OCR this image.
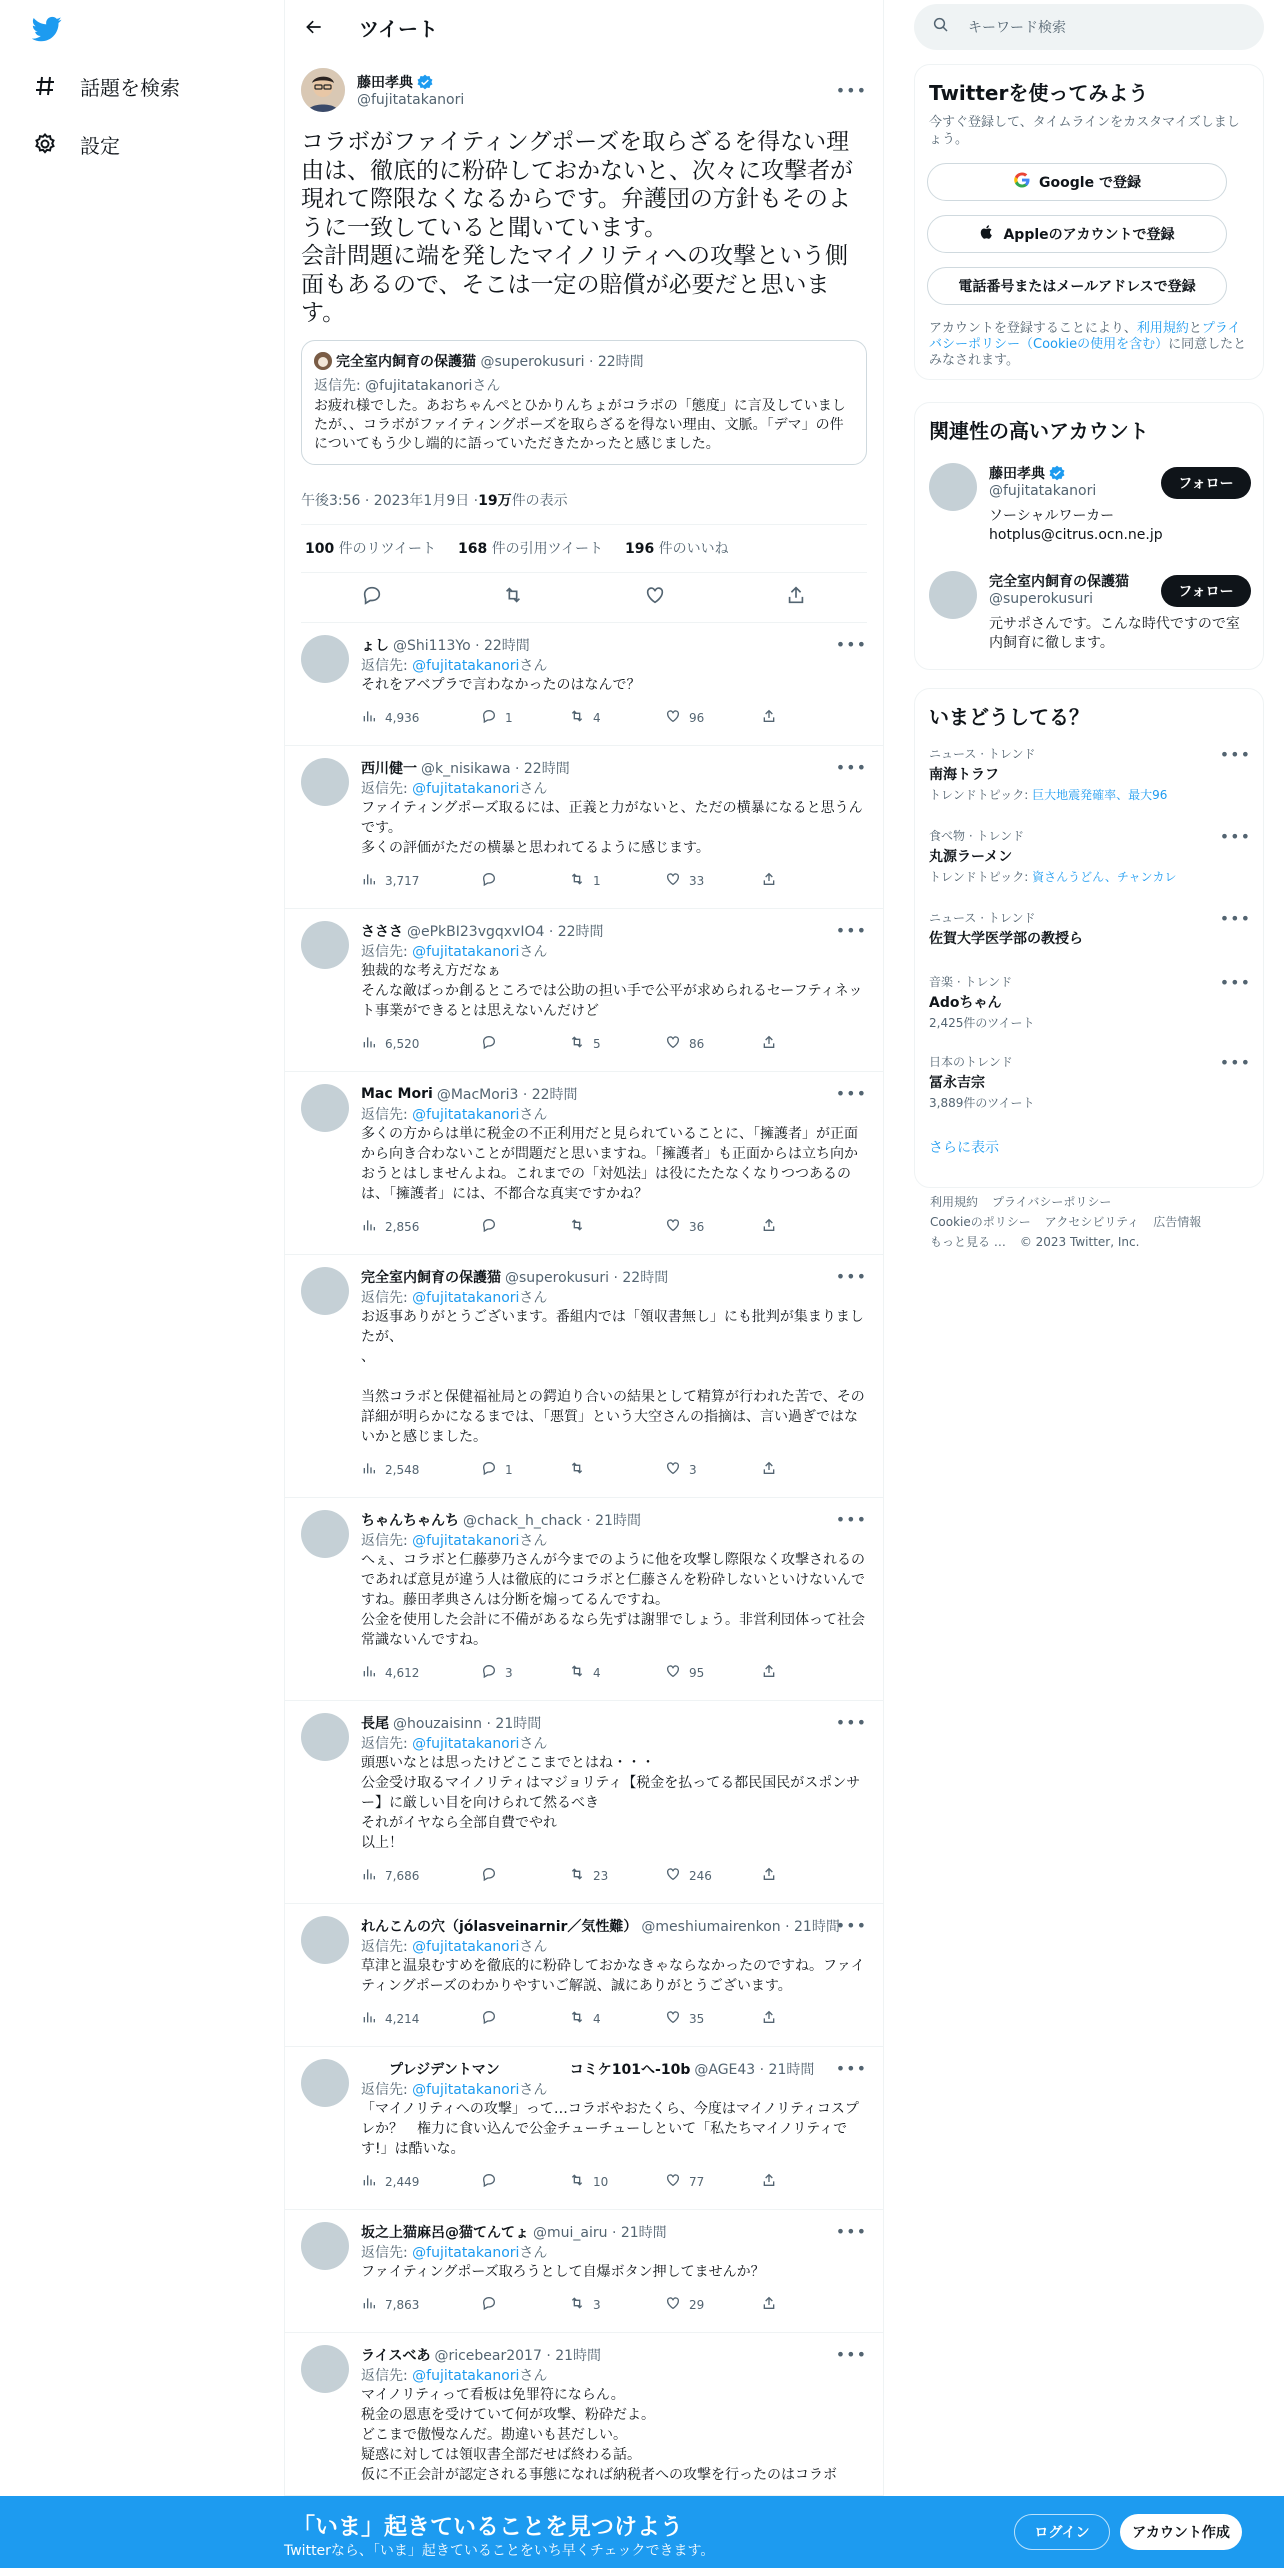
話題を検索
設定
ツイート
藤田孝典
@fujitatakanori
•••
コラボがファイティングポーズを取らざるを得ない理由は、徹底的に粉砕しておかないと、次々に攻撃者が現れて際限なくなるからです。弁護団の方針もそのように一致していると聞いています。
会計問題に端を発したマイノリティへの攻撃という側面もあるので、そこは一定の賠償が必要だと思います。
完全室内飼育の保護猫
@superokusuri · 22時間
返信先: @fujitatakanoriさん
お疲れ様でした。あおちゃんぺとひかりんちょがコラボの「態度」に言及していましたが、、コラボがファイティングポーズを取らざるを得ない理由、文脈。「デマ」の件についてもう少し端的に語っていただきたかったと感じました。
午後3:56 · 2023年1月9日 · 19万 件の表示
100 件のリツイート 168 件の引用ツイート 196 件のいいね
ょし @Shi113Yo · 22時間	•••
返信先: @fujitatakanoriさん
それをアベプラで言わなかったのはなんで？
4,936	1	4	96
西川健一 @k_nisikawa · 22時間	•••
返信先: @fujitatakanoriさん
ファイティングポーズ取るには、正義と力がないと、ただの横暴になると思うんです。
多くの評価がただの横暴と思われてるように感じます。
3,717	1	33
さささ @ePkBI23vgqxvIO4 · 22時間	•••
返信先: @fujitatakanoriさん
独裁的な考え方だなぁ
そんな敵ばっか創るところでは公助の担い手で公平が求められるセーフティネット事業ができるとは思えないんだけど
6,520	5	86
Mac Mori @MacMori3 · 22時間	•••
返信先: @fujitatakanoriさん
多くの方からは単に税金の不正利用だと見られていることに、「擁護者」が正面から向き合わないことが問題だと思いますね。「擁護者」も正面からは立ち向かおうとはしませんよね。これまでの「対処法」は役にたたなくなりつつあるのは、「擁護者」には、不都合な真実ですかね？
2,856	36
完全室内飼育の保護猫 @superokusuri · 22時間	•••
返信先: @fujitatakanoriさん
お返事ありがとうございます。番組内では「領収書無し」にも批判が集まりましたが、
、

当然コラボと保健福祉局との鍔迫り合いの結果として精算が行われた苦で、その詳細が明らかになるまでは、「悪質」という大空さんの指摘は、言い過ぎではないかと感じました。
2,548	1	3
ちゃんちゃんち @chack_h_chack · 21時間	•••
返信先: @fujitatakanoriさん
へぇ、コラボと仁藤夢乃さんが今までのように他を攻撃し際限なく攻撃されるのであれば意見が違う人は徹底的にコラボと仁藤さんを粉砕しないといけないんですね。藤田孝典さんは分断を煽ってるんですね。
公金を使用した会計に不備があるなら先ずは謝罪でしょう。非営利団体って社会常識ないんですね。
4,612	3	4	95
長尾 @houzaisinn · 21時間	•••
返信先: @fujitatakanoriさん
頭悪いなとは思ったけどここまでとはね・・・
公金受け取るマイノリティはマジョリティ【税金を払ってる都民国民がスポンサー】に厳しい目を向けられて然るべき
それがイヤなら全部自費でやれ
以上！
7,686	23	246
れんこんの穴（jólasveinarnir／気性難） @meshiumairenkon · 21時間
•••
返信先: @fujitatakanoriさん
草津と温泉むすめを徹底的に粉砕しておかなきゃならなかったのですね。ファイティングポーズのわかりやすいご解説、誠にありがとうございます。
4,214	4	35
　　プレジデントマン　　　　　コミケ101へ-10b @AGE43 · 21時間 •••
返信先: @fujitatakanoriさん
「マイノリティへの攻撃」って…コラボやおたくら、今度はマイノリティコスプレか？　権力に食い込んで公金チューチューしといて「私たちマイノリティです!」は酷いな。
2,449	10	77
坂之上猫麻呂@猫てんてょ @mui_airu · 21時間	•••
返信先: @fujitatakanoriさん
ファイティングポーズ取ろうとして自爆ボタン押してませんか？
7,863	3	29
ライスべあ @ricebear2017 · 21時間	•••
返信先: @fujitatakanoriさん
マイノリティって看板は免罪符にならん。
税金の恩恵を受けていて何が攻撃、粉砕だよ。
どこまで傲慢なんだ。勘違いも甚だしい。
疑惑に対しては領収書全部だせば終わる話。
仮に不正会計が認定される事態になれば納税者への攻撃を行ったのはコラボ
キーワード検索
Twitterを使ってみよう
今すぐ登録して、タイムラインをカスタマイズしましょう。
Google で登録
Appleのアカウントで登録
電話番号またはメールアドレスで登録
アカウントを登録することにより、利用規約とプライバシーポリシー（Cookieの使用を含む）に同意したとみなされます。
関連性の高いアカウント
藤田孝典
@fujitatakanori
ソーシャルワーカー
hotplus@citrus.ocn.ne.jp
フォロー
完全室内飼育の保護猫
@superokusuri
元サポさんです。こんな時代ですので室内飼育に徹します。
フォロー
いまどうしてる？
ニュース · トレンド
南海トラフ
トレンドトピック: 巨大地震発確率、最大96
•••
食べ物 · トレンド
丸源ラーメン
トレンドトピック: 資さんうどん、チャンカレ
•••
ニュース · トレンド
佐賀大学医学部の教授ら
•••
音楽 · トレンド
Adoちゃん
2,425件のツイート
•••
日本のトレンド
冨永吉宗
3,889件のツイート
•••
さらに表示
利用規約 プライバシーポリシー
Cookieのポリシー アクセシビリティ 広告情報
もっと見る … © 2023 Twitter, Inc.
「いま」起きていることを見つけよう
Twitterなら、「いま」起きていることをいち早くチェックできます。
ログイン	アカウント作成
